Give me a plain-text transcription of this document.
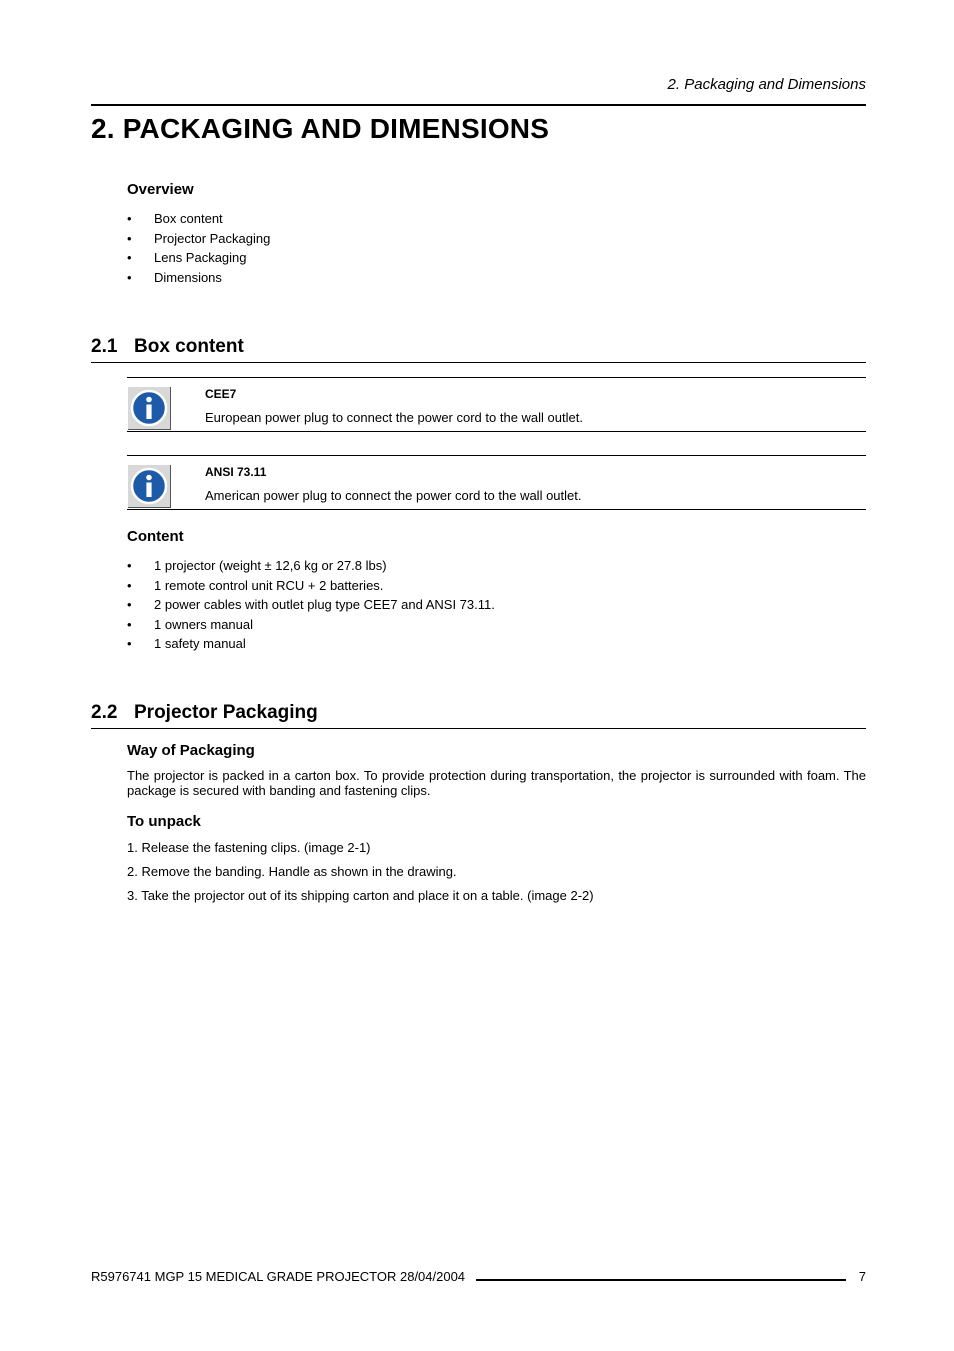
2. Packaging and Dimensions
2. PACKAGING AND DIMENSIONS
Overview
• Box content
• Projector Packaging
• Lens Packaging
• Dimensions
2.1 Box content
CEE7
European power plug to connect the power cord to the wall outlet.
ANSI 73.11
American power plug to connect the power cord to the wall outlet.
Content
• 1 projector (weight ± 12,6 kg or 27.8 lbs)
• 1 remote control unit RCU + 2 batteries.
• 2 power cables with outlet plug type CEE7 and ANSI 73.11.
• 1 owners manual
• 1 safety manual
2.2 Projector Packaging
Way of Packaging
The projector is packed in a carton box. To provide protection during transportation, the projector is surrounded with foam. The package is secured with banding and fastening clips.
To unpack
1. Release the fastening clips. (image 2-1)
2. Remove the banding. Handle as shown in the drawing.
3. Take the projector out of its shipping carton and place it on a table. (image 2-2)
R5976741 MGP 15 MEDICAL GRADE PROJECTOR 28/04/2004	7
